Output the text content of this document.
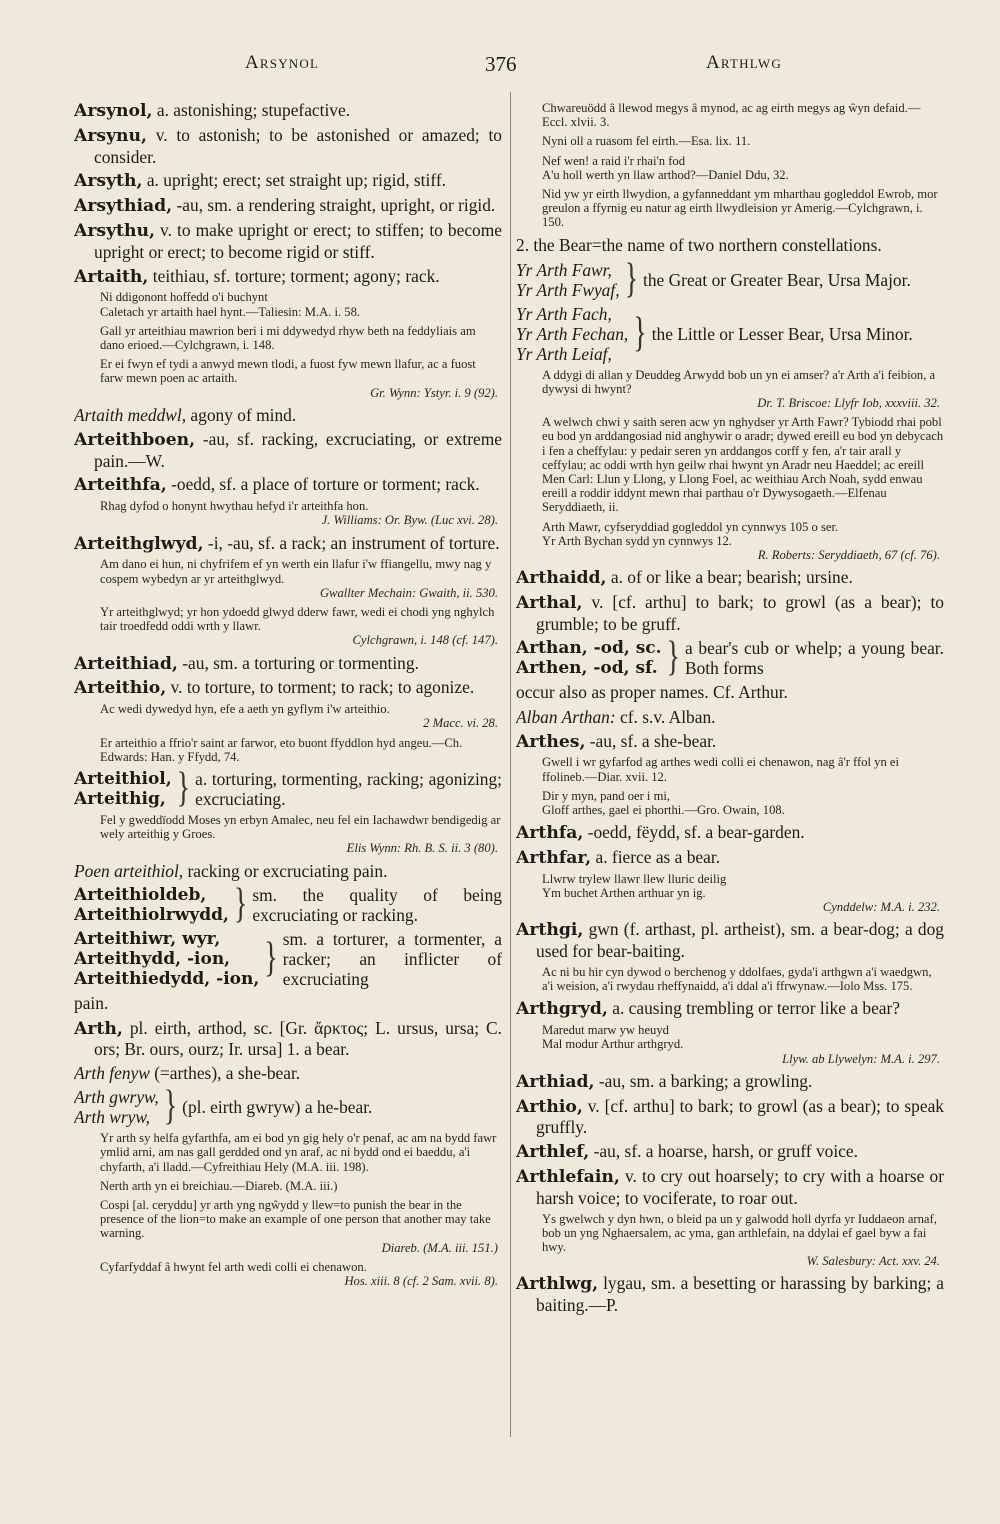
Arsynol	376	Arthlwg
Arsynol, a. astonishing; stupefactive.
Arsynu, v. to astonish; to be astonished or amazed; to consider.
Arsyth, a. upright; erect; set straight up; rigid, stiff.
Arsythiad, -au, sm. a rendering straight, upright, or rigid.
Arsythu, v. to make upright or erect; to stiffen; to become upright or erect; to become rigid or stiff.
Artaith, teithiau, sf. torture; torment; agony; rack.
Ni ddigonont hoffedd o'i buchynt
Caletach yr artaith hael hynt.—Taliesin: M.A. i. 58.
Gall yr arteithiau mawrion beri i mi ddywedyd rhyw beth na feddyliais am dano erioed.—Cylchgrawn, i. 148.
Er ei fwyn ef tydi a anwyd mewn tlodi, a fuost fyw mewn llafur, ac a fuost farw mewn poen ac artaith.
Gr. Wynn: Ystyr. i. 9 (92).
Artaith meddwl, agony of mind.
Arteithboen, -au, sf. racking, excruciating, or extreme pain.—W.
Arteithfa, -oedd, sf. a place of torture or torment; rack.
Rhag dyfod o honynt hwythau hefyd i'r arteithfa hon.
J. Williams: Or. Byw. (Luc xvi. 28).
Arteithglwyd, -i, -au, sf. a rack; an instrument of torture.
Am dano ei hun, ni chyfrifem ef yn werth ein llafur i'w ffiangellu, mwy nag y cospem wybedyn ar yr arteithglwyd.
Gwallter Mechain: Gwaith, ii. 530.
Yr arteithglwyd; yr hon ydoedd glwyd dderw fawr, wedi ei chodi yng nghylch tair troedfedd oddi wrth y llawr.
Cylchgrawn, i. 148 (cf. 147).
Arteithiad, -au, sm. a torturing or tormenting.
Arteithio, v. to torture, to torment; to rack; to agonize.
Ac wedi dywedyd hyn, efe a aeth yn gyflym i'w arteithio.
2 Macc. vi. 28.
Er arteithio a ffrio'r saint ar farwor, eto buont ffyddlon hyd angeu.—Ch. Edwards: Han. y Ffydd, 74.
Arteithiol,
Arteithig, } a. torturing, tormenting, racking; agonizing; excruciating.
Fel y gweddïodd Moses yn erbyn Amalec, neu fel ein Iachawdwr bendigedig ar wely arteithig y Groes.
Elis Wynn: Rh. B. S. ii. 3 (80).
Poen arteithiol, racking or excruciating pain.
Arteithioldeb,
Arteithiolrwydd, } sm. the quality of being excruciating or racking.
Arteithiwr, wyr,
Arteithydd, -ion,
Arteithiedydd, -ion, } sm. a torturer, a tormenter, a racker; an inflicter of excruciating
pain.
Arth, pl. eirth, arthod, sc. [Gr. ἄρκτος; L. ursus, ursa; C. ors; Br. ours, ourz; Ir. ursa] 1. a bear.
Arth fenyw (=arthes), a she-bear.
Arth gwryw,
Arth wryw, } (pl. eirth gwryw) a he-bear.
Yr arth sy helfa gyfarthfa, am ei bod yn gig hely o'r penaf, ac am na bydd fawr ymlid arni, am nas gall gerdded ond yn araf, ac ni bydd ond ei baeddu, a'i chyfarth, a'i lladd.—Cyfreithiau Hely (M.A. iii. 198).
Nerth arth yn ei breichiau.—Diareb. (M.A. iii.)
Cospi [al. ceryddu] yr arth yng ngŵydd y llew=to punish the bear in the presence of the lion=to make an example of one person that another may take warning.
Diareb. (M.A. iii. 151.)
Cyfarfyddaf â hwynt fel arth wedi colli ei chenawon.
Hos. xiii. 8 (cf. 2 Sam. xvii. 8).
Chwareuödd â llewod megys â mynod, ac ag eirth megys ag ŵyn defaid.—Eccl. xlvii. 3.
Nyni oll a ruasom fel eirth.—Esa. lix. 11.
Nef wen! a raid i'r rhai'n fod
A'u holl werth yn llaw arthod?—Daniel Ddu, 32.
Nid yw yr eirth llwydion, a gyfanneddant ym mharthau gogleddol Ewrob, mor greulon a ffyrnig eu natur ag eirth llwydleision yr Amerig.—Cylchgrawn, i. 150.
2. the Bear=the name of two northern constellations.
Yr Arth Fawr,
Yr Arth Fwyaf, } the Great or Greater Bear, Ursa Major.
Yr Arth Fach,
Yr Arth Fechan,
Yr Arth Leiaf, } the Little or Lesser Bear, Ursa Minor.
A ddygi di allan y Deuddeg Arwydd bob un yn ei amser? a'r Arth a'i feibion, a dywysi di hwynt?
Dr. T. Briscoe: Llyfr Iob, xxxviii. 32.
A welwch chwi y saith seren acw yn nghydser yr Arth Fawr? Tybiodd rhai pobl eu bod yn arddangosiad nid anghywir o aradr; dywed ereill eu bod yn debycach i fen a cheffylau: y pedair seren yn arddangos corff y fen, a'r tair arall y ceffylau; ac oddi wrth hyn geilw rhai hwynt yn Aradr neu Haeddel; ac ereill Men Carl: Llun y Llong, y Llong Foel, ac weithiau Arch Noah, sydd enwau ereill a roddir iddynt mewn rhai parthau o'r Dywysogaeth.—Elfenau Seryddiaeth, ii.
Arth Mawr, cyfseryddiad gogleddol yn cynnwys 105 o ser.
Yr Arth Bychan sydd yn cynnwys 12.
R. Roberts: Seryddiaeth, 67 (cf. 76).
Arthaidd, a. of or like a bear; bearish; ursine.
Arthal, v. [cf. arthu] to bark; to growl (as a bear); to grumble; to be gruff.
Arthan, -od, sc.
Arthen, -od, sf. } a bear's cub or whelp; a young bear. Both forms
occur also as proper names. Cf. Arthur.
Alban Arthan: cf. s.v. Alban.
Arthes, -au, sf. a she-bear.
Gwell i wr gyfarfod ag arthes wedi colli ei chenawon, nag â'r ffol yn ei ffolineb.—Diar. xvii. 12.
Dir y myn, pand oer i mi,
Gloff arthes, gael ei phorthi.—Gro. Owain, 108.
Arthfa, -oedd, fëydd, sf. a bear-garden.
Arthfar, a. fierce as a bear.
Llwrw trylew llawr llew lluric deilig
Ym buchet Arthen arthuar yn ig.
Cynddelw: M.A. i. 232.
Arthgi, gwn (f. arthast, pl. artheist), sm. a bear-dog; a dog used for bear-baiting.
Ac ni bu hir cyn dywod o berchenog y ddolfaes, gyda'i arthgwn a'i waedgwn, a'i weision, a'i rwydau rheffynaidd, a'i ddal a'i ffrwynaw.—Iolo Mss. 175.
Arthgryd, a. causing trembling or terror like a bear?
Maredut marw yw heuyd
Mal modur Arthur arthgryd.
Llyw. ab Llywelyn: M.A. i. 297.
Arthiad, -au, sm. a barking; a growling.
Arthio, v. [cf. arthu] to bark; to growl (as a bear); to speak gruffly.
Arthlef, -au, sf. a hoarse, harsh, or gruff voice.
Arthlefain, v. to cry out hoarsely; to cry with a hoarse or harsh voice; to vociferate, to roar out.
Ys gwelwch y dyn hwn, o bleid pa un y galwodd holl dyrfa yr Iuddaeon arnaf, bob un yng Nghaersalem, ac yma, gan arthlefain, na ddylai ef gael byw a fai hwy.
W. Salesbury: Act. xxv. 24.
Arthlwg, lygau, sm. a besetting or harassing by barking; a baiting.—P.
